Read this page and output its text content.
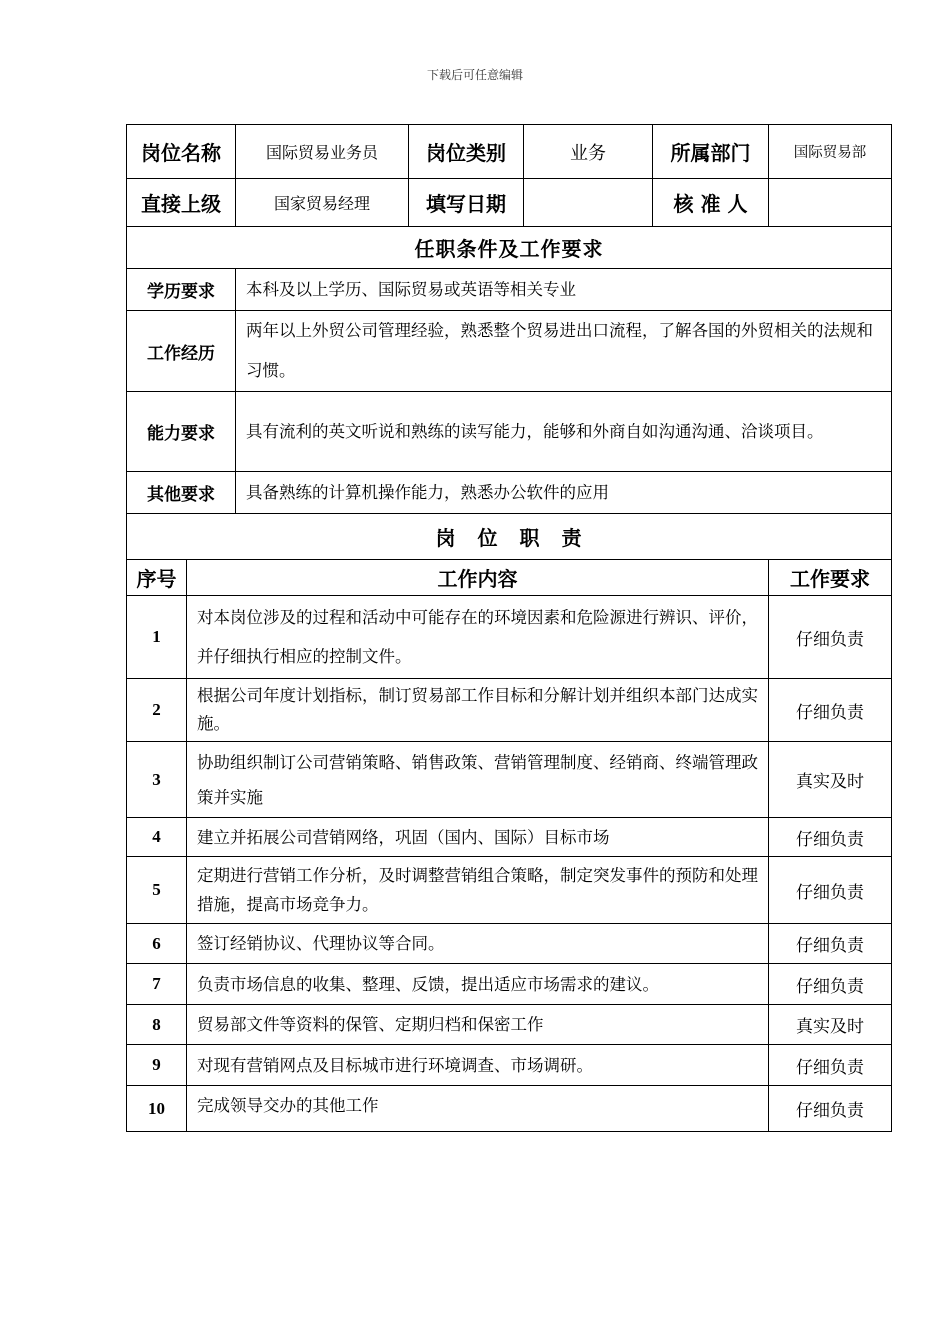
下载后可任意编辑
岗位名称		国际贸易业务员	岗位类别	业务	所属部门	国际贸易部
直接上级		国家贸易经理	填写日期		核 准 人	
任职条件及工作要求						
学历要求		本科及以上学历、国际贸易或英语等相关专业				
工作经历		两年以上外贸公司管理经验，熟悉整个贸易进出口流程，了解各国的外贸相关的法规和习惯。				
能力要求		具有流利的英文听说和熟练的读写能力，能够和外商自如沟通沟通、洽谈项目。				
其他要求		具备熟练的计算机操作能力，熟悉办公软件的应用				
岗　位　职　责						
序号	工作内容					工作要求
1	对本岗位涉及的过程和活动中可能存在的环境因素和危险源进行辨识、评价，并仔细执行相应的控制文件。					仔细负责
2	根据公司年度计划指标，制订贸易部工作目标和分解计划并组织本部门达成实施。					仔细负责
3	协助组织制订公司营销策略、销售政策、营销管理制度、经销商、终端管理政策并实施					真实及时
4	建立并拓展公司营销网络，巩固（国内、国际）目标市场					仔细负责
5	定期进行营销工作分析，及时调整营销组合策略，制定突发事件的预防和处理措施，提高市场竞争力。					仔细负责
6	签订经销协议、代理协议等合同。					仔细负责
7	负责市场信息的收集、整理、反馈，提出适应市场需求的建议。					仔细负责
8	贸易部文件等资料的保管、定期归档和保密工作					真实及时
9	对现有营销网点及目标城市进行环境调查、市场调研。					仔细负责
10	完成领导交办的其他工作					仔细负责
